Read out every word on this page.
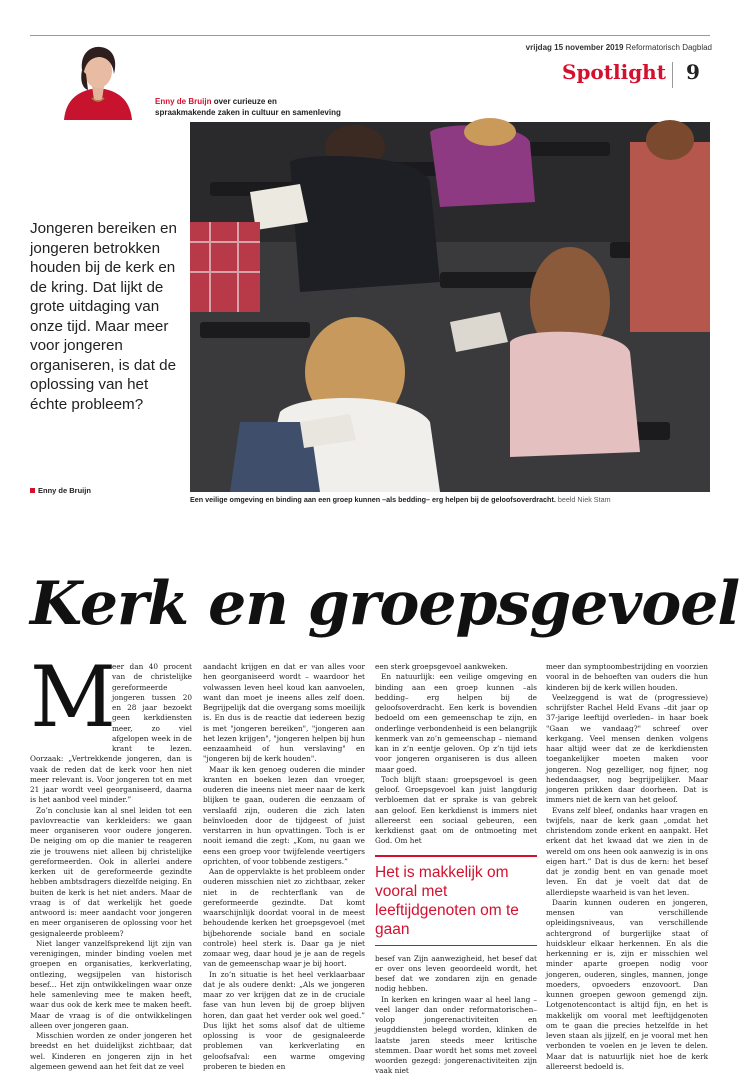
vrijdag 15 november 2019 Reformatorisch Dagblad
Spotlight 9
Enny de Bruijn over curieuze en
spraakmakende zaken in cultuur en samenleving
Een veilige omgeving en binding aan een groep kunnen –als bedding– erg helpen bij de geloofsoverdracht. beeld Niek Stam
Jongeren bereiken en jongeren betrokken houden bij de kerk en de kring. Dat lijkt de grote uitdaging van onze tijd. Maar meer voor jongeren organiseren, is dat de oplossing van het échte probleem?
Enny de Bruijn
Kerk en groepsgevoel
M

eer dan 40 procent van de christelijke gereformeerde jongeren tussen 20 en 28 jaar bezoekt geen kerkdiensten meer, zo viel afgelopen week in de krant te lezen. Oorzaak: „Vertrekkende jongeren, dan is vaak de reden dat de kerk voor hen niet meer relevant is. Voor jongeren tot en met 21 jaar wordt veel georganiseerd, daarna is het aanbod veel minder.”

Zo’n conclusie kan al snel leiden tot een pavlovreactie van kerkleiders: we gaan meer organiseren voor oudere jongeren. De neiging om op die manier te reageren zie je trouwens niet alleen bij christelijke gereformeerden. Ook in allerlei andere kerken uit de gereformeerde gezindte hebben ambtsdragers diezelfde neiging. En buiten de kerk is het niet anders. Maar de vraag is of dat werkelijk het goede antwoord is: meer aandacht voor jongeren en meer organiseren de oplossing voor het gesignaleerde probleem?

Niet langer vanzelfsprekend lijt zijn van verenigingen, minder binding voelen met groepen en organisaties, kerkverlating, ontlezing, wegsijpelen van historisch besef... Het zijn ontwikkelingen waar onze hele samenleving mee te maken heeft, waar dus ook de kerk mee te maken heeft. Maar de vraag is of die ontwikkelingen alleen over jongeren gaan.

Misschien worden ze onder jongeren het breedst en het duidelijkst zichtbaar, dat wel. Kinderen en jongeren zijn in het algemeen gewend aan het feit dat ze veel

aandacht krijgen en dat er van alles voor hen georganiseerd wordt – waardoor het volwassen leven heel koud kan aanvoelen, want dan moet je ineens alles zelf doen. Begrijpelijk dat die overgang soms moeilijk is. En dus is de reactie dat iedereen bezig is met "jongeren bereiken", "jongeren aan het lezen krijgen", "jongeren helpen bij hun eenzaamheid of hun verslaving" en "jongeren bij de kerk houden".

Maar ik ken genoeg ouderen die minder kranten en boeken lezen dan vroeger, ouderen die ineens niet meer naar de kerk blijken te gaan, ouderen die eenzaam of verslaafd zijn, ouderen die zich laten beïnvloeden door de tijdgeest of juist verstarren in hun opvattingen. Toch is er nooit iemand die zegt: „Kom, nu gaan we eens een groep voor twijfelende veertigers oprichten, of voor tobbende zestigers.”

Aan de oppervlakte is het probleem onder ouderen misschien niet zo zichtbaar, zeker niet in de rechterflank van de gereformeerde gezindte. Dat komt waarschijnlijk doordat vooral in de meest behoudende kerken het groepsgevoel (met bijbehorende sociale band en sociale controle) heel sterk is. Daar ga je niet zomaar weg, daar houd je je aan de regels van de gemeenschap waar je bij hoort.

In zo’n situatie is het heel verklaarbaar dat je als oudere denkt: „Als we jongeren maar zo ver krijgen dat ze in de cruciale fase van hun leven bij de groep blijven horen, dan gaat het verder ook wel goed.” Dus lijkt het soms alsof dat de ultieme oplossing is voor de gesignaleerde problemen van kerkverlating en geloofsafval: een warme omgeving proberen te bieden en

een sterk groepsgevoel aankweken.

En natuurlijk: een veilige omgeving en binding aan een groep kunnen –als bedding– erg helpen bij de geloofsoverdracht. Een kerk is bovendien bedoeld om een gemeenschap te zijn, en onderlinge verbondenheid is een belangrijk kenmerk van zo’n gemeenschap – niemand kan in z’n eentje geloven. Op z’n tijd iets voor jongeren organiseren is dus alleen maar goed.

Toch blijft staan: groepsgevoel is geen geloof. Groepsgevoel kan juist langdurig verbloemen dat er sprake is van gebrek aan geloof. Een kerkdienst is immers niet allereerst een sociaal gebeuren, een kerkdienst gaat om de ontmoeting met God. Om het

Het is makkelijk om vooral met leeftijdgenoten om te gaan

besef van Zijn aanwezigheid, het besef dat er over ons leven geoordeeld wordt, het besef dat we zondaren zijn en genade nodig hebben.

In kerken en kringen waar al heel lang –veel langer dan onder reformatorischen– volop jongerenactiviteiten en jeugddiensten belegd worden, klinken de laatste jaren steeds meer kritische stemmen. Daar wordt het soms met zoveel woorden gezegd: jongerenactiviteiten zijn vaak niet

meer dan symptoombestrijding en voorzien vooral in de behoeften van ouders die hun kinderen bij de kerk willen houden.

Veelzeggend is wat de (progressieve) schrijfster Rachel Held Evans –dit jaar op 37-jarige leeftijd overleden– in haar boek "Gaan we vandaag?" schreef over kerkgang. Veel mensen denken volgens haar altijd weer dat ze de kerkdiensten toegankelijker moeten maken voor jongeren. Nog gezelliger, nog fijner, nog hedendaagser, nog begrijpelijker. Maar jongeren prikken daar doorheen. Dat is immers niet de kern van het geloof.

Evans zelf bleef, ondanks haar vragen en twijfels, naar de kerk gaan „omdat het christendom zonde erkent en aanpakt. Het erkent dat het kwaad dat we zien in de wereld om ons heen ook aanwezig is in ons eigen hart.” Dat is dus de kern: het besef dat je zondig bent en van genade moet leven. En dat je voelt dat dat de allerdiepste waarheid is van het leven.

Daarin kunnen ouderen en jongeren, mensen van verschillende opleidingsniveaus, van verschillende achtergrond of burgerlijke staat of huidskleur elkaar herkennen. En als die herkenning er is, zijn er misschien wel minder aparte groepen nodig voor jongeren, ouderen, singles, mannen, jonge moeders, opvoeders enzovoort. Dan kunnen groepen gewoon gemengd zijn. Lotgenotencontact is altijd fijn, en het is makkelijk om vooral met leeftijdgenoten om te gaan die precies hetzelfde in het leven staan als jijzelf, en je vooral met hen verbonden te voelen en je leven te delen. Maar dat is natuurlijk niet hoe de kerk allereerst bedoeld is.
